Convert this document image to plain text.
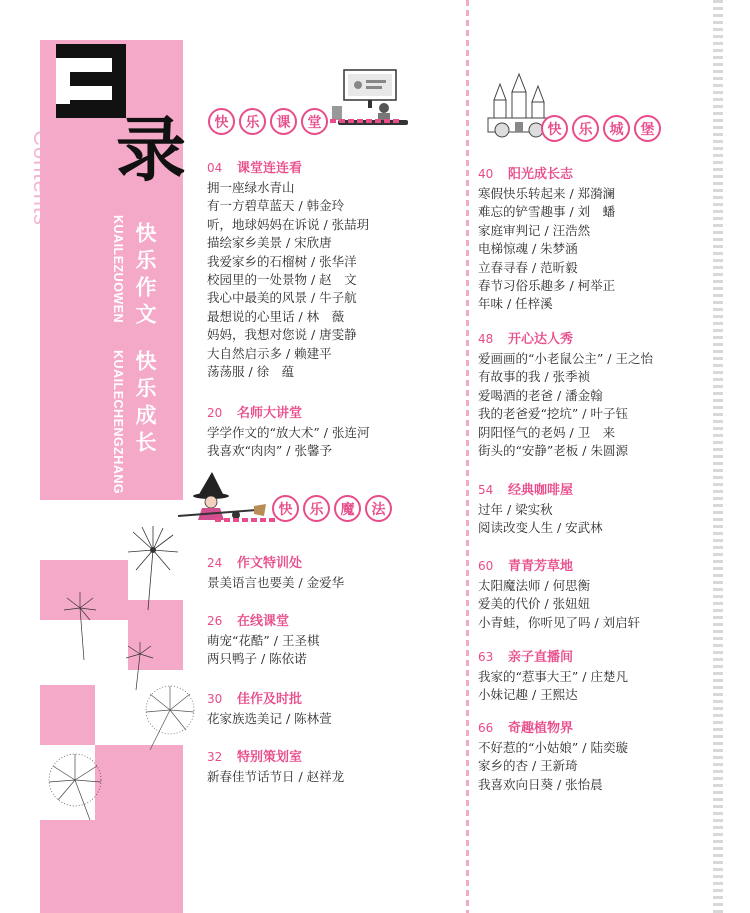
Contents 录
快乐作文
快乐成长
KUAILEZUOWEN
KUAILECHENGZHANG
快	乐	课	堂	快	乐	城	堡
快	乐	魔	法
04	课堂连连看
拥一座绿水青山
有一方碧草蓝天 / 韩金玲
听，地球妈妈在诉说 / 张喆玥
描绘家乡美景 / 宋欣唐
我爱家乡的石榴树 / 张华洋
校园里的一处景物 / 赵　文
我心中最美的风景 / 牛子航
最想说的心里话 / 林　薇
妈妈，我想对您说 / 唐雯静
大自然启示多 / 赖建平
荡荡服 / 徐　蕴
20	名师大讲堂
学学作文的“放大术” / 张连河
我喜欢“肉肉” / 张馨予
24	作文特训处
景美语言也要美 / 金爱华
26	在线课堂
萌宠“花酷” / 王圣棋
两只鸭子 / 陈依诺
30	佳作及时批
花家族选美记 / 陈林萱
32	特别策划室
新春佳节话节日 / 赵祥龙
40	阳光成长志
寒假快乐转起来 / 郑漪澜
难忘的铲雪趣事 / 刘　蟠
家庭审判记 / 汪浩然
电梯惊魂 / 朱梦涵
立春寻春 / 范昕毅
春节习俗乐趣多 / 柯举正
年味 / 任梓溪
48	开心达人秀
爱画画的“小老鼠公主” / 王之怡
有故事的我 / 张季祯
爱喝酒的老爸 / 潘金翰
我的老爸爱“挖坑” / 叶子钰
阴阳怪气的老妈 / 卫　来
街头的“安静”老板 / 朱圆源
54	经典咖啡屋
过年 / 梁实秋
阅读改变人生 / 安武林
60	青青芳草地
太阳魔法师 / 何思衡
爱美的代价 / 张妞妞
小青蛙，你听见了吗 / 刘启轩
63	亲子直播间
我家的“惹事大王” / 庄楚凡
小妹记趣 / 王熙达
66	奇趣植物界
不好惹的“小姑娘” / 陆奕璇
家乡的杏 / 王新琦
我喜欢向日葵 / 张怡晨
